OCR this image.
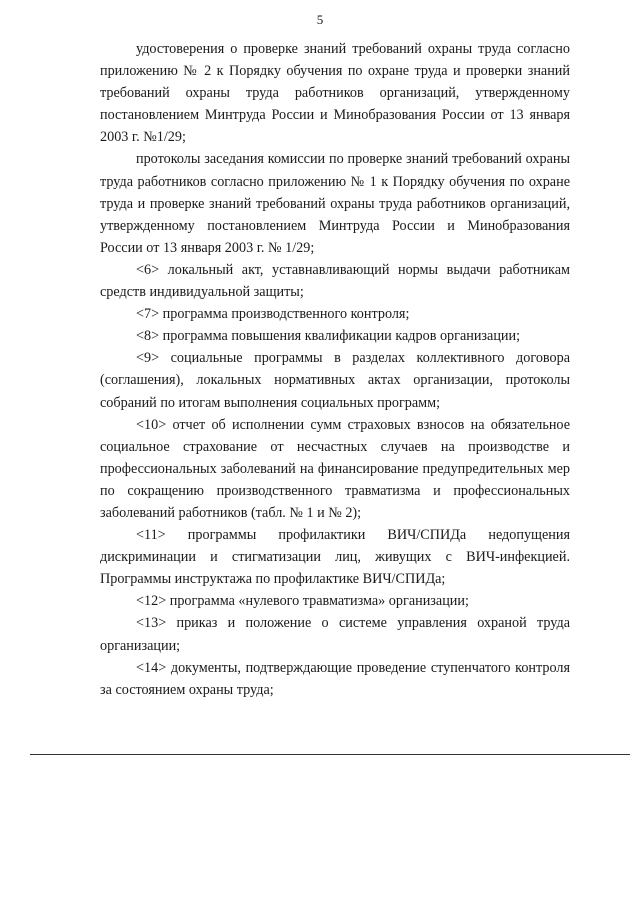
5

удостоверения о проверке знаний требований охраны труда согласно приложению № 2 к Порядку обучения по охране труда и проверки знаний требований охраны труда работников организаций, утвержденному постановлением Минтруда России и Минобразования России от 13 января 2003 г. №1/29;

протоколы заседания комиссии по проверке знаний требований охраны труда работников согласно приложению № 1 к Порядку обучения по охране труда и проверке знаний требований охраны труда работников организаций, утвержденному постановлением Минтруда России и Минобразования России от 13 января 2003 г. № 1/29;

<6> локальный акт, уставнавливающий нормы выдачи работникам средств индивидуальной защиты;

<7> программа производственного контроля;

<8> программа повышения квалификации кадров организации;

<9> социальные программы в разделах коллективного договора (соглашения), локальных нормативных актах организации, протоколы собраний по итогам выполнения социальных программ;

<10> отчет об исполнении сумм страховых взносов на обязательное социальное страхование от несчастных случаев на производстве и профессиональных заболеваний на финансирование предупредительных мер по сокращению производственного травматизма и профессиональных заболеваний работников (табл. № 1 и № 2);

<11> программы профилактики ВИЧ/СПИДа недопущения дискриминации и стигматизации лиц, живущих с ВИЧ-инфекцией. Программы инструктажа по профилактике ВИЧ/СПИДа;

<12> программа «нулевого травматизма» организации;

<13> приказ и положение о системе управления охраной труда организации;

<14> документы, подтверждающие проведение ступенчатого контроля за состоянием охраны труда;
